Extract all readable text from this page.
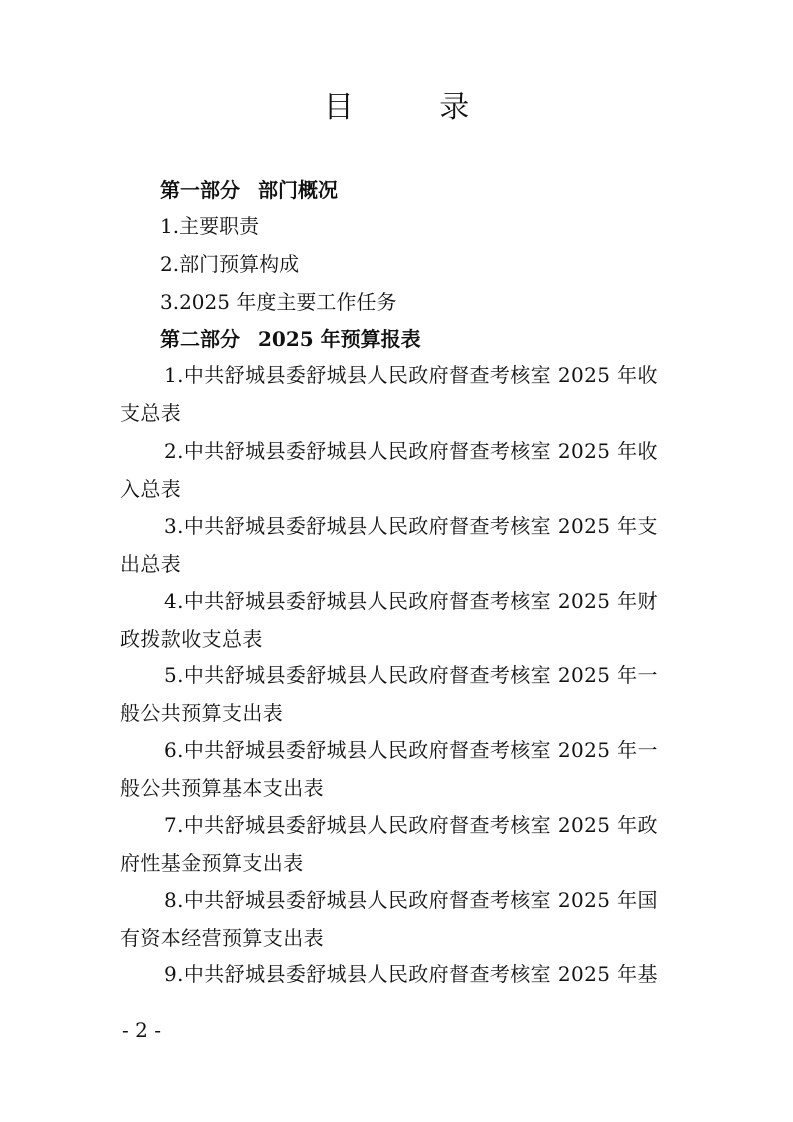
目 录
第一部分 部门概况
1.主要职责
2.部门预算构成
3.2025 年度主要工作任务
第二部分 2025 年预算报表
1.中共舒城县委舒城县人民政府督查考核室 2025 年收支总表
2.中共舒城县委舒城县人民政府督查考核室 2025 年收入总表
3.中共舒城县委舒城县人民政府督查考核室 2025 年支出总表
4.中共舒城县委舒城县人民政府督查考核室 2025 年财政拨款收支总表
5.中共舒城县委舒城县人民政府督查考核室 2025 年一般公共预算支出表
6.中共舒城县委舒城县人民政府督查考核室 2025 年一般公共预算基本支出表
7.中共舒城县委舒城县人民政府督查考核室 2025 年政府性基金预算支出表
8.中共舒城县委舒城县人民政府督查考核室 2025 年国有资本经营预算支出表
9.中共舒城县委舒城县人民政府督查考核室 2025 年基
- 2 -
